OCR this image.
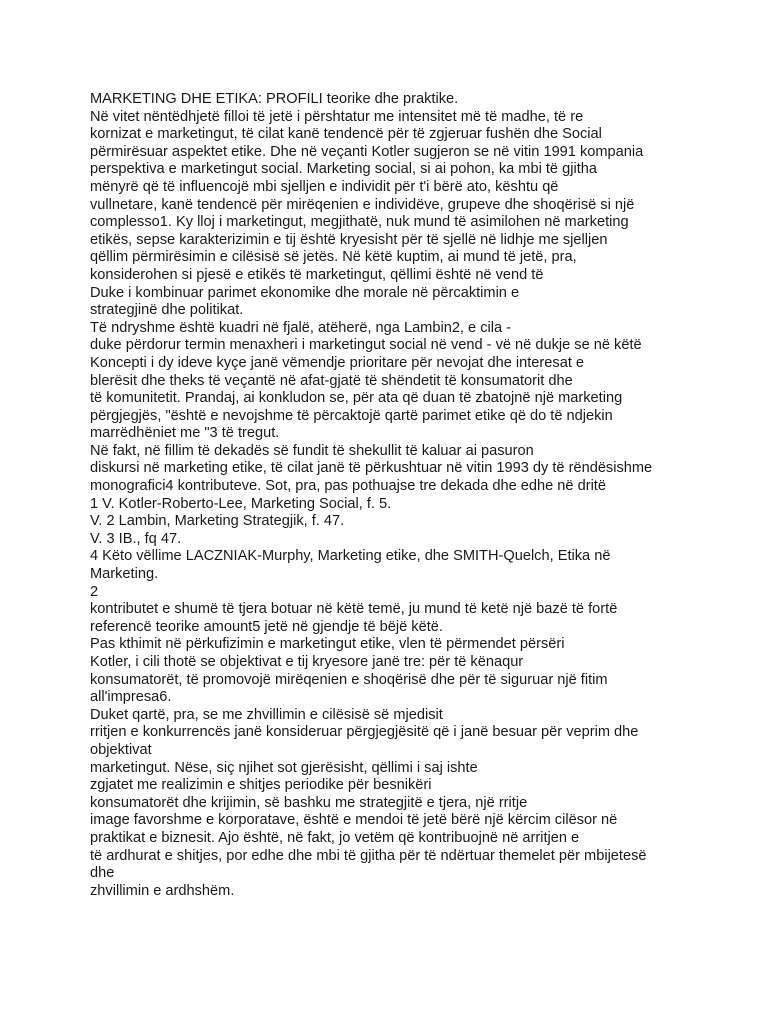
MARKETING DHE ETIKA: PROFILI teorike dhe praktike.
Në vitet nëntëdhjetë filloi të jetë i përshtatur me intensitet më të madhe, të re
kornizat e marketingut, të cilat kanë tendencë për të zgjeruar fushën dhe Social
përmirësuar aspektet etike. Dhe në veçanti Kotler sugjeron se në vitin 1991 kompania
perspektiva e marketingut social. Marketing social, si ai pohon, ka mbi të gjitha
mënyrë që të influencojë mbi sjelljen e individit për t'i bërë ato, kështu që
vullnetare, kanë tendencë për mirëqenien e individëve, grupeve dhe shoqërisë si një
complesso1. Ky lloj i marketingut, megjithatë, nuk mund të asimilohen në marketing
etikës, sepse karakterizimin e tij është kryesisht për të sjellë në lidhje me sjelljen
qëllim përmirësimin e cilësisë së jetës. Në këtë kuptim, ai mund të jetë, pra,
konsiderohen si pjesë e etikës të marketingut, qëllimi është në vend të
Duke i kombinuar parimet ekonomike dhe morale në përcaktimin e
strategjinë dhe politikat.
Të ndryshme është kuadri në fjalë, atëherë, nga Lambin2, e cila -
duke përdorur termin menaxheri i marketingut social në vend - vë në dukje se në këtë
Koncepti i dy ideve kyçe janë vëmendje prioritare për nevojat dhe interesat e
blerësit dhe theks të veçantë në afat-gjatë të shëndetit të konsumatorit dhe
të komunitetit. Prandaj, ai konkludon se, për ata që duan të zbatojnë një marketing
përgjegjës, "është e nevojshme të përcaktojë qartë parimet etike që do të ndjekin
marrëdhëniet me "3 të tregut.
Në fakt, në fillim të dekadës së fundit të shekullit të kaluar ai pasuron
diskursi në marketing etike, të cilat janë të përkushtuar në vitin 1993 dy të rëndësishme
monografici4 kontributeve. Sot, pra, pas pothuajse tre dekada dhe edhe në dritë
1 V. Kotler-Roberto-Lee, Marketing Social, f. 5.
V. 2 Lambin, Marketing Strategjik, f. 47.
V. 3 IB., fq 47.
4 Këto vëllime LACZNIAK-Murphy, Marketing etike, dhe SMITH-Quelch, Etika në
Marketing.
2
kontributet e shumë të tjera botuar në këtë temë, ju mund të ketë një bazë të fortë
referencë teorike amount5 jetë në gjendje të bëjë këtë.
Pas kthimit në përkufizimin e marketingut etike, vlen të përmendet përsëri
Kotler, i cili thotë se objektivat e tij kryesore janë tre: për të kënaqur
konsumatorët, të promovojë mirëqenien e shoqërisë dhe për të siguruar një fitim
all'impresa6.
Duket qartë, pra, se me zhvillimin e cilësisë së mjedisit
rritjen e konkurrencës janë konsideruar përgjegjësitë që i janë besuar për veprim dhe
objektivat
marketingut. Nëse, siç njihet sot gjerësisht, qëllimi i saj ishte
zgjatet me realizimin e shitjes periodike për besnikëri
konsumatorët dhe krijimin, së bashku me strategjitë e tjera, një rritje
image favorshme e korporatave, është e mendoi të jetë bërë një kërcim cilësor në
praktikat e biznesit. Ajo është, në fakt, jo vetëm që kontribuojnë në arritjen e
të ardhurat e shitjes, por edhe dhe mbi të gjitha për të ndërtuar themelet për mbijetesë
dhe
zhvillimin e ardhshëm.
